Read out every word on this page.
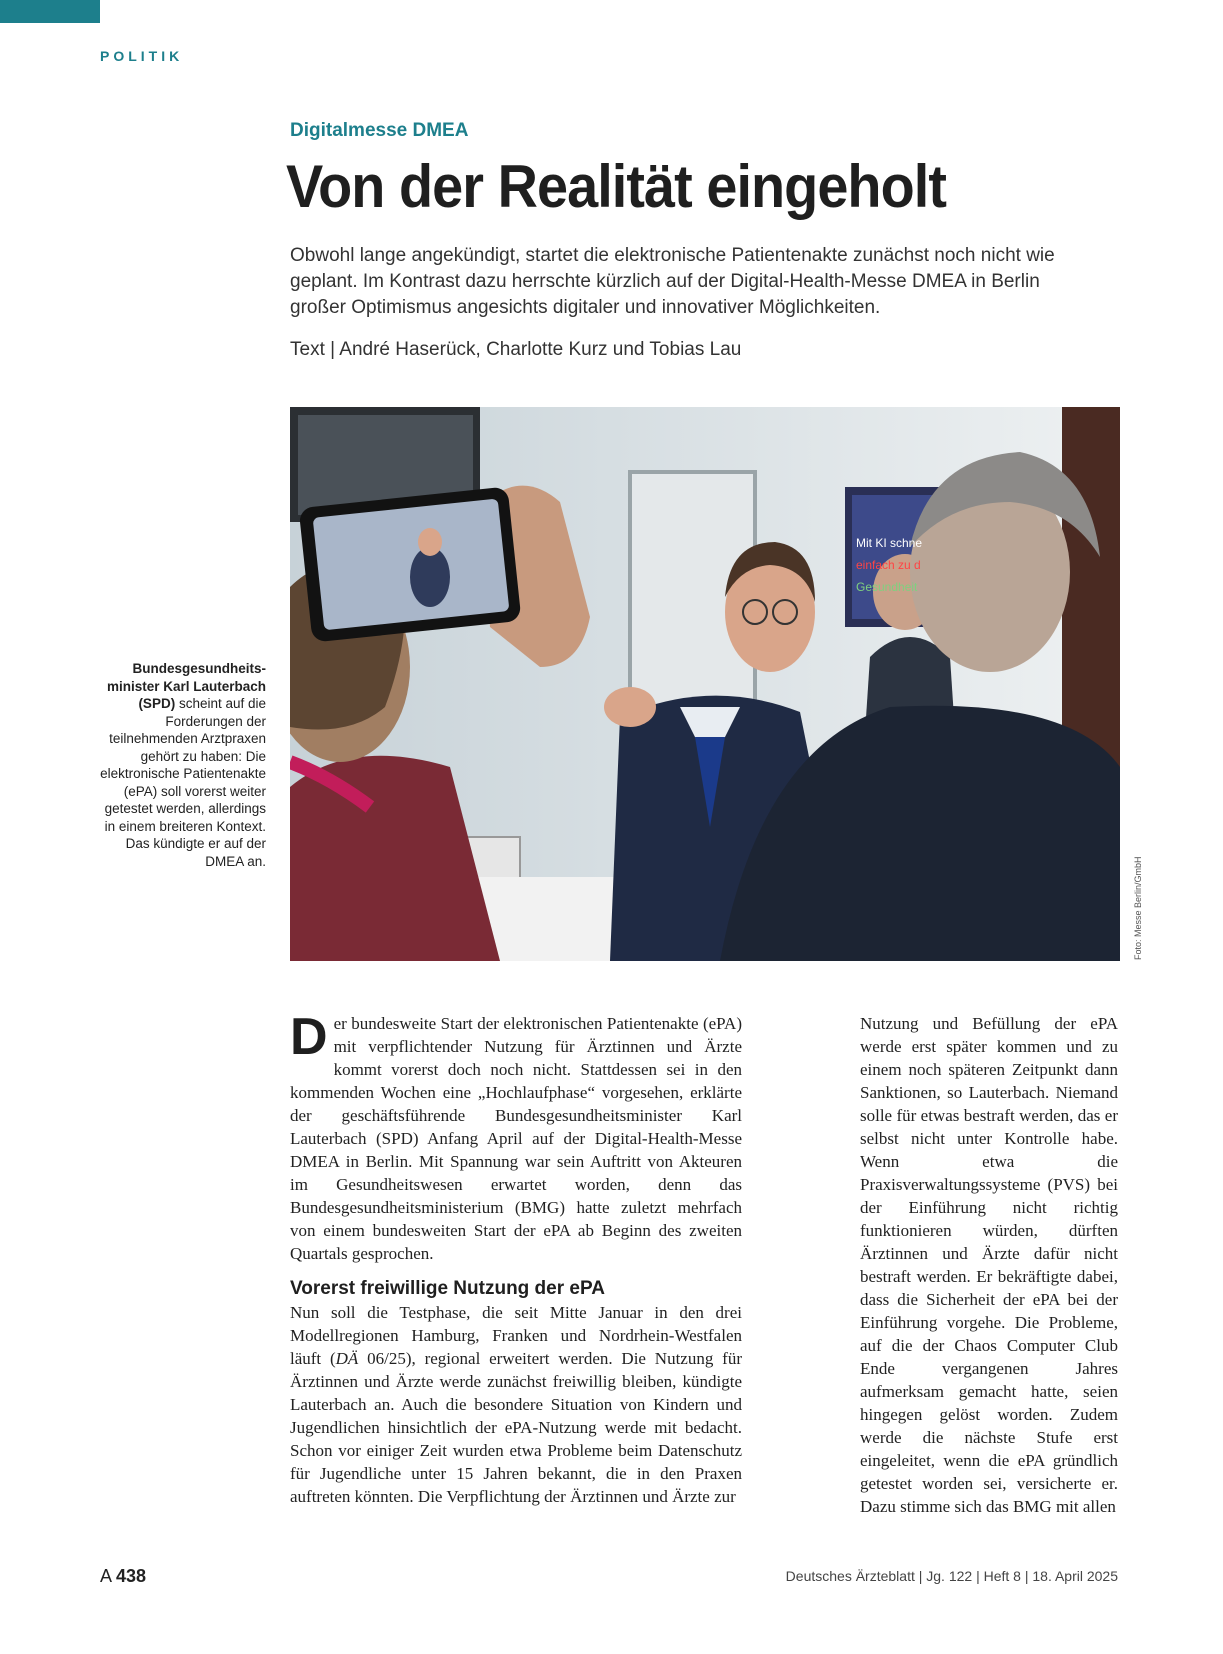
POLITIK
Digitalmesse DMEA
Von der Realität eingeholt

Obwohl lange angekündigt, startet die elektronische Patientenakte zunächst noch nicht wie geplant. Im Kontrast dazu herrschte kürzlich auf der Digital-Health-Messe DMEA in Berlin großer Optimismus angesichts digitaler und innovativer Möglichkeiten.

Text | André Haserück, Charlotte Kurz und Tobias Lau
Mit KI schne
einfach zu d
Gesundheit
Foto: Messe Berlin/GmbH

Bundesgesundheitsminister Karl Lauterbach (SPD) scheint auf die Forderungen der teilnehmenden Arztpraxen gehört zu haben: Die elektronische Patientenakte (ePA) soll vorerst weiter getestet werden, allerdings in einem breiteren Kontext. Das kündigte er auf der DMEA an.

Der bundesweite Start der elektronischen Patientenakte (ePA) mit verpflichtender Nutzung für Ärztinnen und Ärzte kommt vorerst doch noch nicht. Stattdessen sei in den kommenden Wochen eine „Hochlaufphase“ vorgesehen, erklärte der geschäftsführende Bundesgesundheitsminister Karl Lauterbach (SPD) Anfang April auf der Digital-Health-Messe DMEA in Berlin. Mit Spannung war sein Auftritt von Akteuren im Gesundheitswesen erwartet worden, denn das Bundesgesundheitsministerium (BMG) hatte zuletzt mehrfach von einem bundesweiten Start der ePA ab Beginn des zweiten Quartals gesprochen.

Vorerst freiwillige Nutzung der ePA

Nun soll die Testphase, die seit Mitte Januar in den drei Modellregionen Hamburg, Franken und Nordrhein-Westfalen läuft (DÄ 06/25), regional erweitert werden. Die Nutzung für Ärztinnen und Ärzte werde zunächst freiwillig bleiben, kündigte Lauterbach an. Auch die besondere Situation von Kindern und Jugendlichen hinsichtlich der ePA-Nutzung werde mit bedacht. Schon vor einiger Zeit wurden etwa Probleme beim Datenschutz für Jugendliche unter 15 Jahren bekannt, die in den Praxen auftreten könnten. Die Verpflichtung der Ärztinnen und Ärzte zur

Nutzung und Befüllung der ePA werde erst später kommen und zu einem noch späteren Zeitpunkt dann Sanktionen, so Lauterbach. Niemand solle für etwas bestraft werden, das er selbst nicht unter Kontrolle habe. Wenn etwa die Praxisverwaltungssysteme (PVS) bei der Einführung nicht richtig funktionieren würden, dürften Ärztinnen und Ärzte dafür nicht bestraft werden. Er bekräftigte dabei, dass die Sicherheit der ePA bei der Einführung vorgehe. Die Probleme, auf die der Chaos Computer Club Ende vergangenen Jahres aufmerksam gemacht hatte, seien hingegen gelöst worden. Zudem werde die nächste Stufe erst eingeleitet, wenn die ePA gründlich getestet worden sei, versicherte er. Dazu stimme sich das BMG mit allen

A 438	Deutsches Ärzteblatt | Jg. 122 | Heft 8 | 18. April 2025
